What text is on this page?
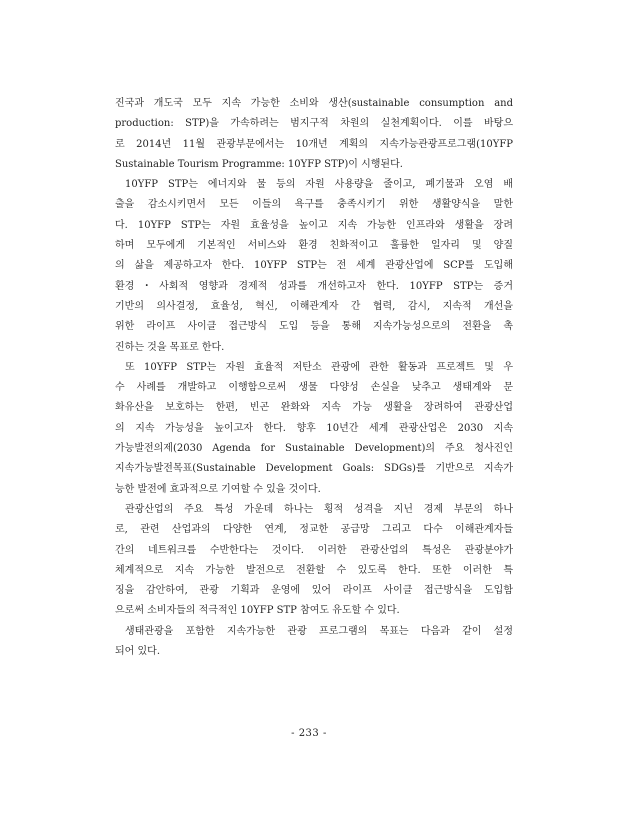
진국과 개도국 모두 지속 가능한 소비와 생산(sustainable consumption and
production: STP)을 가속하려는 범지구적 차원의 실천계획이다. 이를 바탕으
로 2014년 11월 관광부문에서는 10개년 계획의 지속가능관광프로그램(10YFP
Sustainable Tourism Programme: 10YFP STP)이 시행된다.
10YFP STP는 에너지와 물 등의 자원 사용량을 줄이고, 폐기물과 오염 배
출을 감소시키면서 모든 이들의 욕구를 충족시키기 위한 생활양식을 말한
다. 10YFP STP는 자원 효율성을 높이고 지속 가능한 인프라와 생활을 장려
하며 모두에게 기본적인 서비스와 환경 친화적이고 훌륭한 일자리 및 양질
의 삶을 제공하고자 한다. 10YFP STP는 전 세계 관광산업에 SCP를 도입해
환경・사회적 영향과 경제적 성과를 개선하고자 한다. 10YFP STP는 증거
기반의 의사결정, 효율성, 혁신, 이해관계자 간 협력, 감시, 지속적 개선을
위한 라이프 사이클 접근방식 도입 등을 통해 지속가능성으로의 전환을 촉
진하는 것을 목표로 한다.
또 10YFP STP는 자원 효율적 저탄소 관광에 관한 활동과 프로젝트 및 우
수 사례를 개발하고 이행함으로써 생물 다양성 손실을 낮추고 생태계와 문
화유산을 보호하는 한편, 빈곤 완화와 지속 가능 생활을 장려하여 관광산업
의 지속 가능성을 높이고자 한다. 향후 10년간 세계 관광산업은 2030 지속
가능발전의제(2030 Agenda for Sustainable Development)의 주요 청사진인
지속가능발전목표(Sustainable Development Goals: SDGs)를 기반으로 지속가
능한 발전에 효과적으로 기여할 수 있을 것이다.
관광산업의 주요 특성 가운데 하나는 횡적 성격을 지닌 경제 부문의 하나
로, 관련 산업과의 다양한 연계, 정교한 공급망 그리고 다수 이해관계자들
간의 네트워크를 수반한다는 것이다. 이러한 관광산업의 특성은 관광분야가
체계적으로 지속 가능한 발전으로 전환할 수 있도록 한다. 또한 이러한 특
징을 감안하여, 관광 기획과 운영에 있어 라이프 사이클 접근방식을 도입함
으로써 소비자들의 적극적인 10YFP STP 참여도 유도할 수 있다.
생태관광을 포함한 지속가능한 관광 프로그램의 목표는 다음과 같이 설정
되어 있다.
- 233 -
